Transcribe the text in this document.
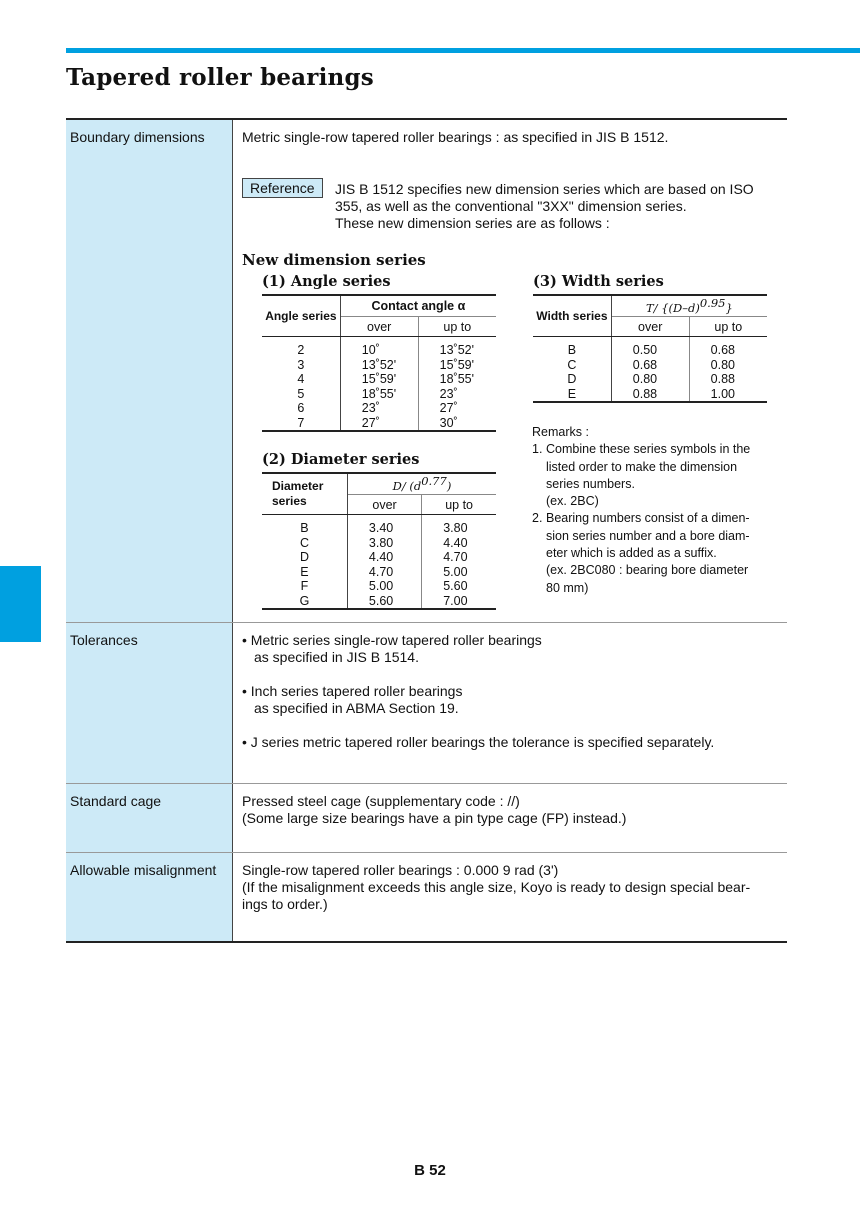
Tapered roller bearings
Boundary dimensions	Metric single-row tapered roller bearings : as specified in JIS B 1512.

Reference	JIS B 1512 specifies new dimension series which are based on ISO

355, as well as the conventional "3XX" dimension series.

These new dimension series are as follows :

New dimension series
(1) Angle series
Angle series	Contact angle α	
	over	up to

2	10˚	13˚52'
3	13˚52'	15˚59'
4	15˚59'	18˚55'
5	18˚55'	23˚
6	23˚	27˚
7	27˚	30˚
(2) Diameter series
Diameter
series	D/ $(d^{0.77})$	
	over	up to

B	3.40	3.80
C	3.80	4.40
D	4.40	4.70
E	4.70	5.00
F	5.00	5.60
G	5.60	7.00
(3) Width series
Width series	T/ $\{(D-d)^{0.95}\}$	
	over	up to

B	0.50	0.68
C	0.68	0.80
D	0.80	0.88
E	0.88	1.00
Remarks :
1. Combine these series symbols in the
listed order to make the dimension
series numbers.
(ex. 2BC)
2. Bearing numbers consist of a dimen-
sion series number and a bore diam-
eter which is added as a suffix.
(ex. 2BC080 : bearing bore diameter
80 mm)
Tolerances	• Metric series single-row tapered roller bearings

as specified in JIS B 1514.

• Inch series tapered roller bearings

as specified in ABMA Section 19.

• J series metric tapered roller bearings the tolerance is specified separately.

Standard cage	Pressed steel cage (supplementary code : //)

(Some large size bearings have a pin type cage (FP) instead.)

Allowable misalignment	Single-row tapered roller bearings : 0.000 9 rad (3')

(If the misalignment exceeds this angle size, Koyo is ready to design special bear-

ings to order.)

B 52
